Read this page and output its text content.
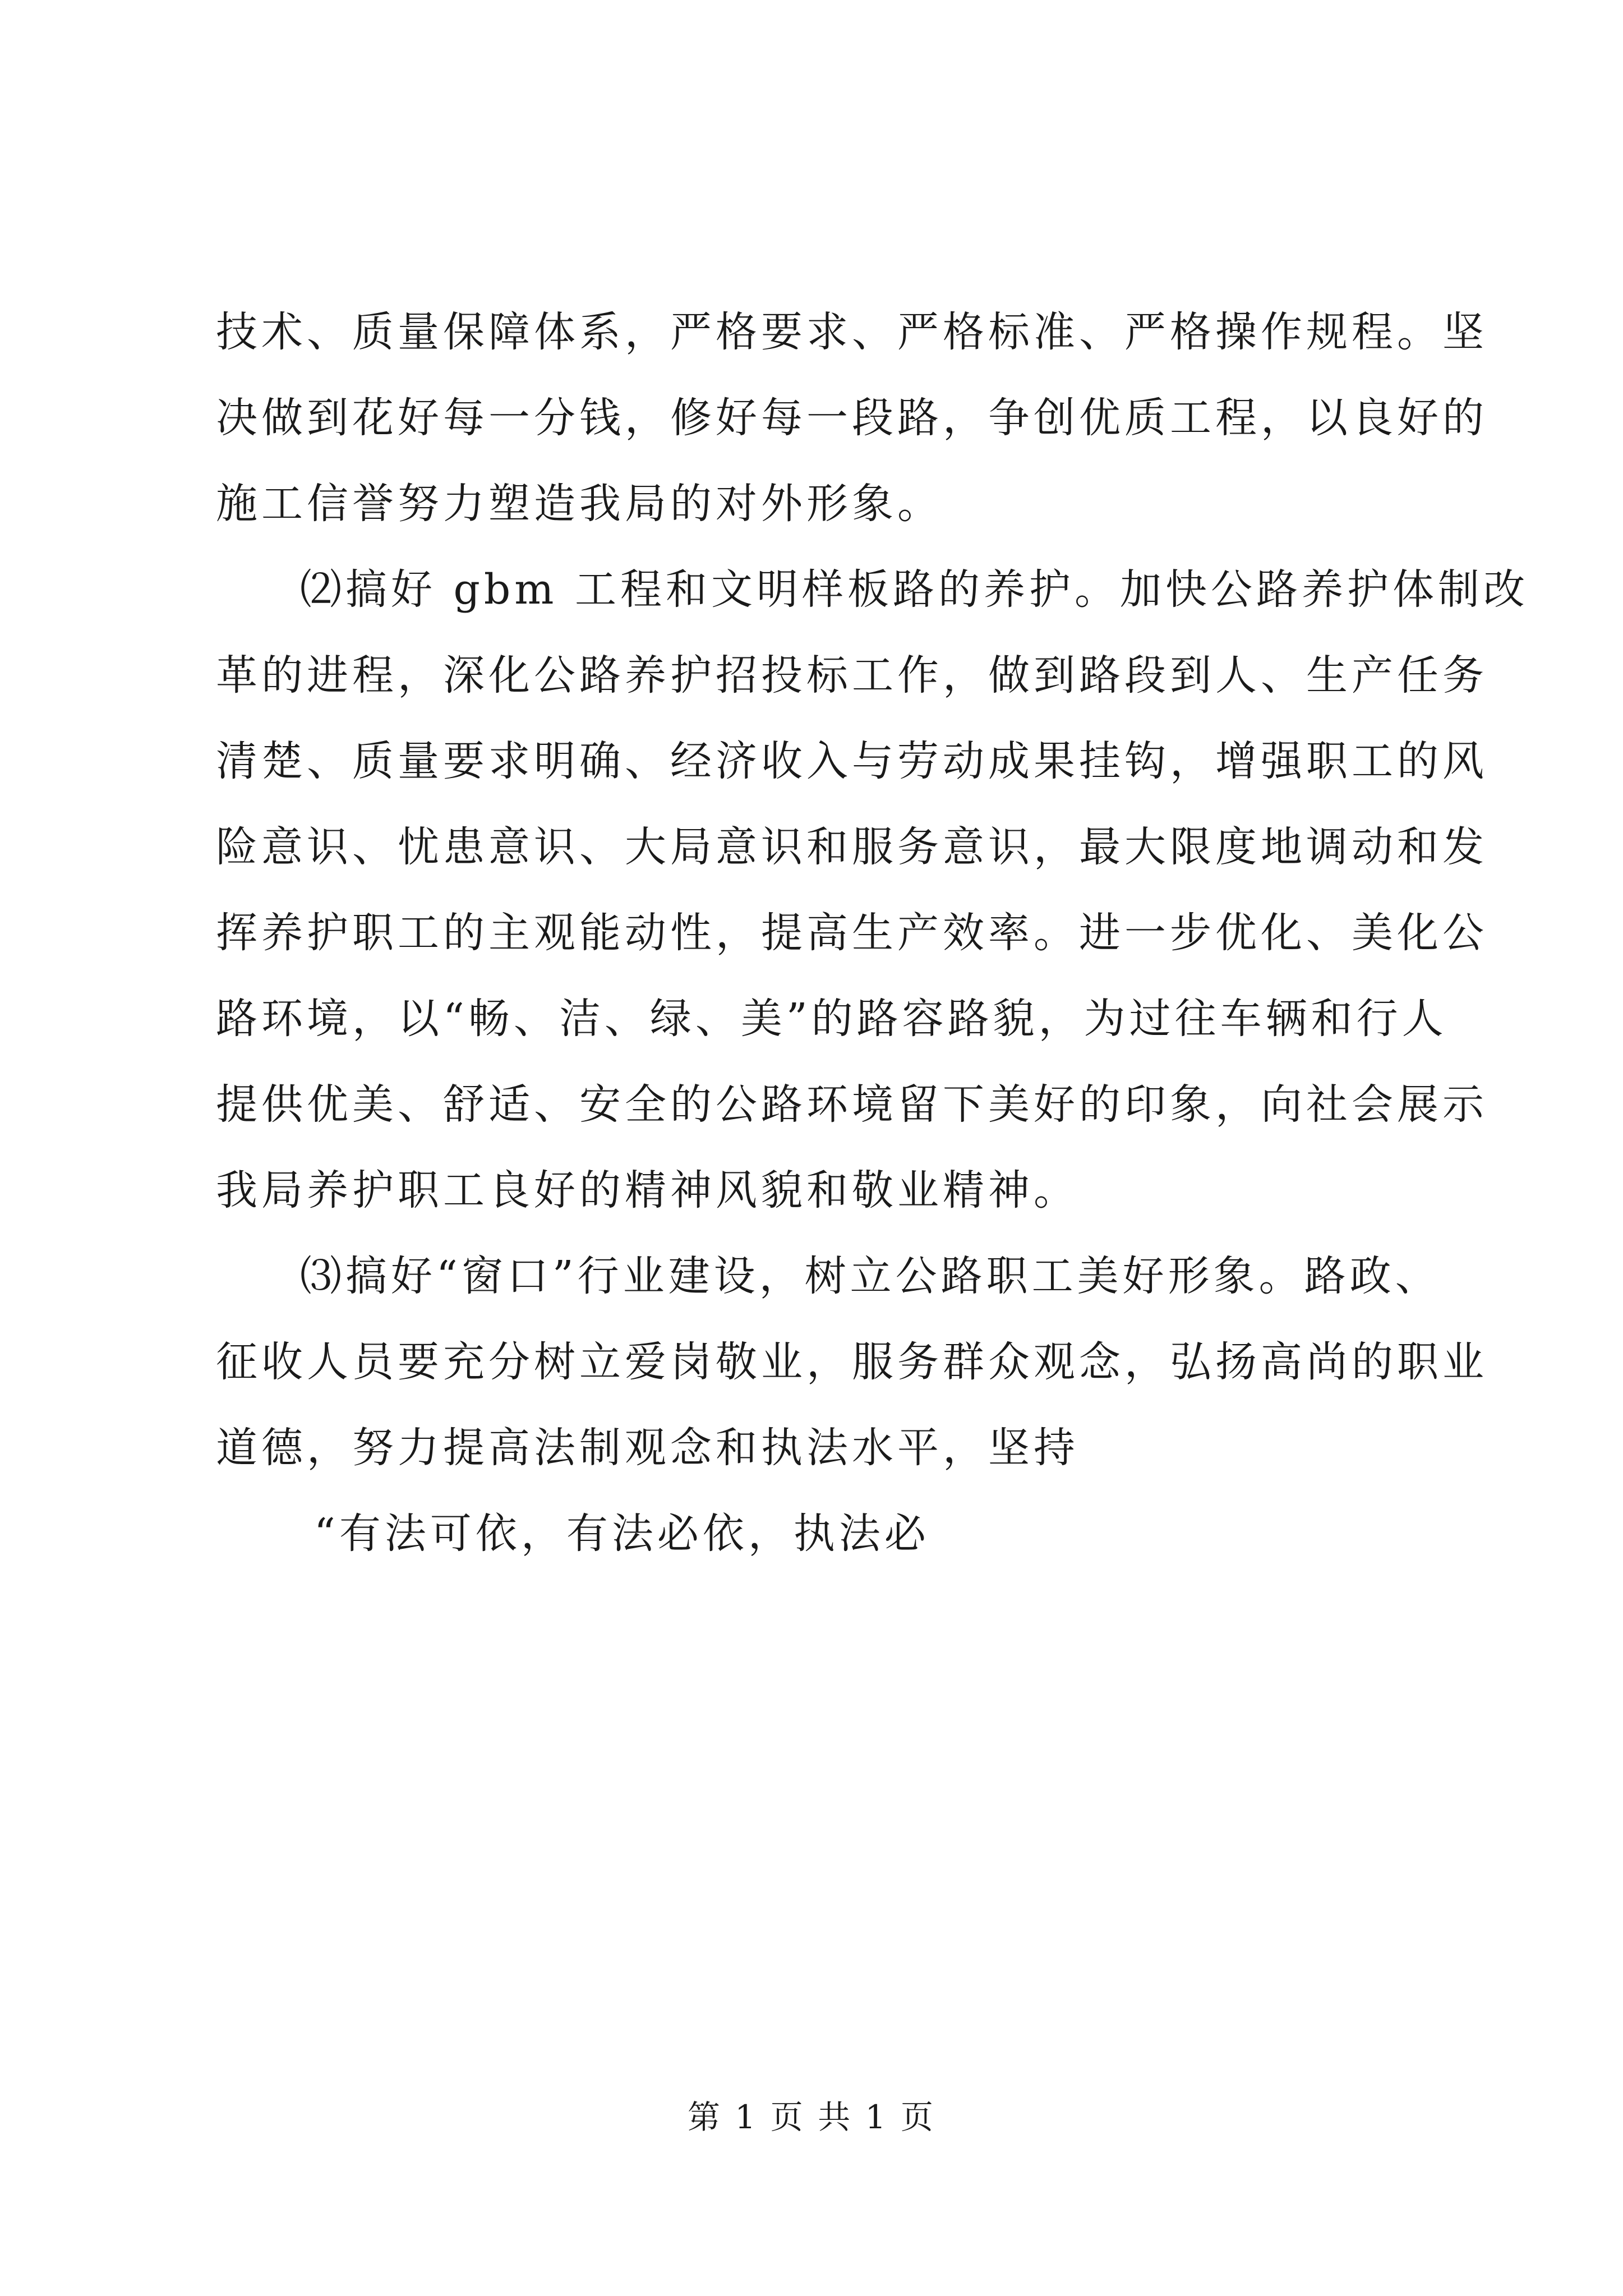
技术、质量保障体系，严格要求、严格标准、严格操作规程。坚
决做到花好每一分钱，修好每一段路，争创优质工程，以良好的
施工信誉努力塑造我局的对外形象。
⑵搞好 gbm 工程和文明样板路的养护。加快公路养护体制改
革的进程，深化公路养护招投标工作，做到路段到人、生产任务
清楚、质量要求明确、经济收入与劳动成果挂钩，增强职工的风
险意识、忧患意识、大局意识和服务意识，最大限度地调动和发
挥养护职工的主观能动性，提高生产效率。进一步优化、美化公
路环境，以“畅、洁、绿、美”的路容路貌，为过往车辆和行人
提供优美、舒适、安全的公路环境留下美好的印象，向社会展示
我局养护职工良好的精神风貌和敬业精神。
⑶搞好“窗口”行业建设，树立公路职工美好形象。路政、
征收人员要充分树立爱岗敬业，服务群众观念，弘扬高尚的职业
道德，努力提高法制观念和执法水平，坚持
“有法可依，有法必依，执法必
第 1 页 共 1 页
